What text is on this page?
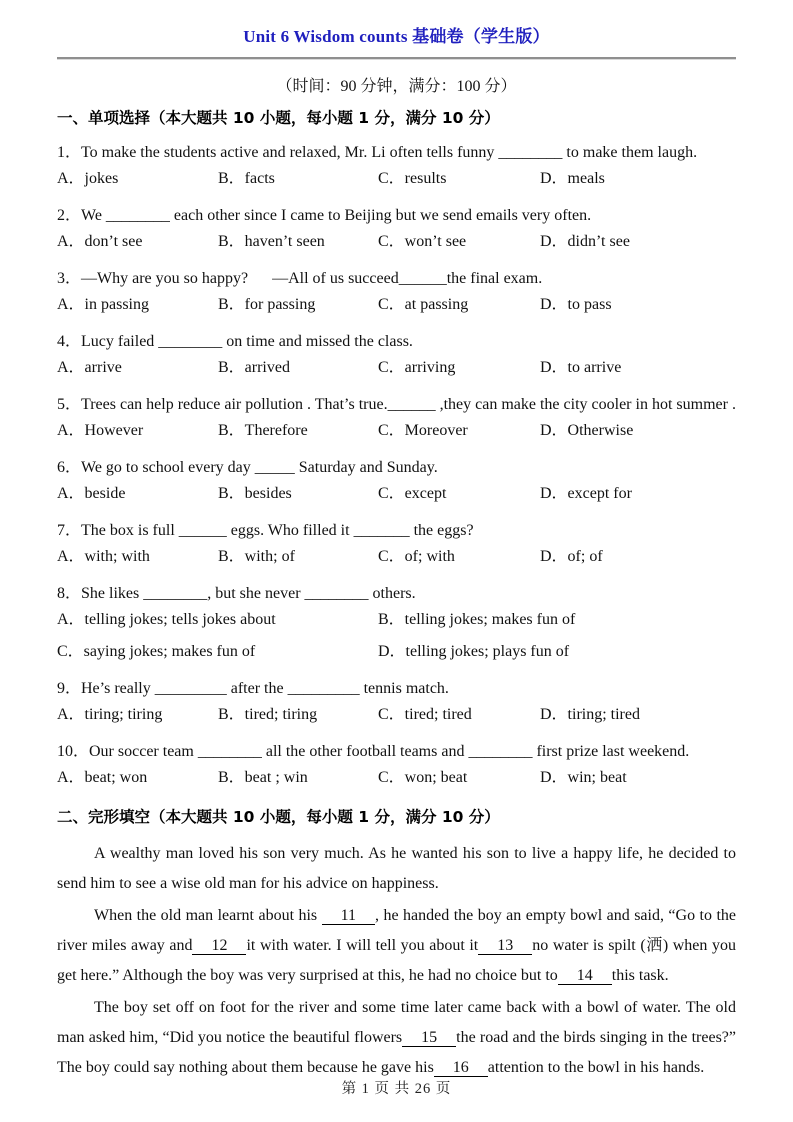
Unit 6 Wisdom counts 基础卷（学生版）
（时间：90 分钟，满分：100 分）
一、单项选择（本大题共 10 小题，每小题 1 分，满分 10 分）
1．To make the students active and relaxed, Mr. Li often tells funny ________ to make them laugh.
A．jokes	B．facts	C．results	D．meals
2．We ________ each other since I came to Beijing but we send emails very often.
A．don’t see	B．haven’t seen	C．won’t see	D．didn’t see
3．—Why are you so happy?      —All of us succeed______the final exam.
A．in passing	B．for passing	C．at passing	D．to pass
4．Lucy failed ________ on time and missed the class.
A．arrive	B．arrived	C．arriving	D．to arrive
5．Trees can help reduce air pollution . That’s true.______ ,they can make the city cooler in hot summer .
A．However	B．Therefore	C．Moreover	D．Otherwise
6．We go to school every day _____ Saturday and Sunday.
A．beside	B．besides	C．except	D．except for
7．The box is full ______ eggs. Who filled it _______ the eggs?
A．with; with	B．with; of	C．of; with	D．of; of
8．She likes ________, but she never ________ others.
A．telling jokes; tells jokes about	B．telling jokes; makes fun of
C．saying jokes; makes fun of	D．telling jokes; plays fun of
9．He’s really _________ after the _________ tennis match.
A．tiring; tiring	B．tired; tiring	C．tired; tired	D．tiring; tired
10．Our soccer team ________ all the other football teams and ________ first prize last weekend.
A．beat; won	B．beat ; win	C．won; beat	D．win; beat
二、完形填空（本大题共 10 小题，每小题 1 分，满分 10 分）

A wealthy man loved his son very much. As he wanted his son to live a happy life, he decided to send him to see a wise old man for his advice on happiness.

When the old man learnt about his 11 , he handed the boy an empty bowl and said, “Go to the river miles away and 12 it with water. I will tell you about it 13 no water is spilt (洒) when you get here.” Although the boy was very surprised at this, he had no choice but to 14 this task.

The boy set off on foot for the river and some time later came back with a bowl of water. The old man asked him, “Did you notice the beautiful flowers 15 the road and the birds singing in the trees?” The boy could say nothing about them because he gave his 16 attention to the bowl in his hands.

第 1 页 共 26 页
